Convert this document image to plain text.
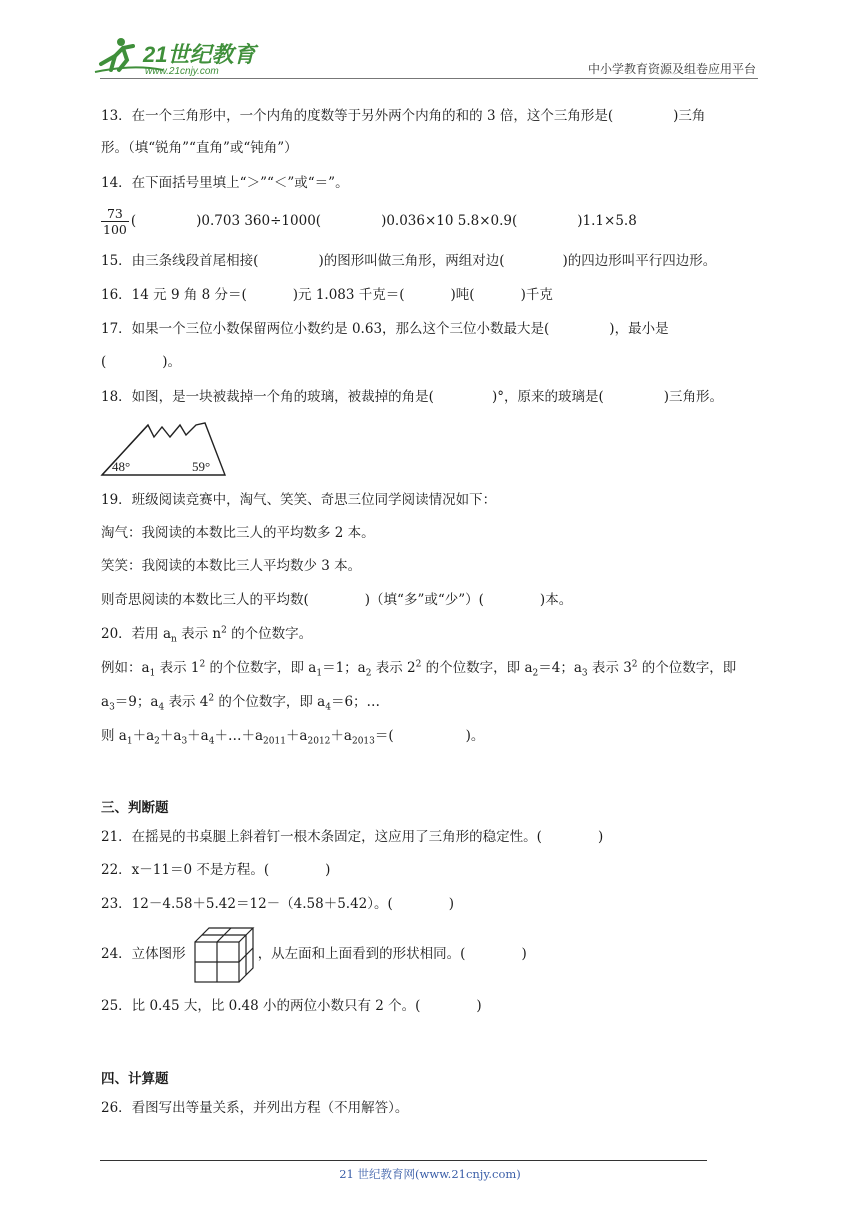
21世纪教育
www.21cnjy.com	中小学教育资源及组卷应用平台
13．在一个三角形中，一个内角的度数等于另外两个内角的和的 3 倍，这个三角形是(	)三角
形。（填“锐角”“直角”或“钝角”）
14．在下面括号里填上“＞”“＜”或“＝”。
$\frac{73}{100}$ (	)0.703 360÷1000(	)0.036×10 5.8×0.9(	)1.1×5.8
15．由三条线段首尾相接(	)的图形叫做三角形，两组对边(	)的四边形叫平行四边形。
16．14 元 9 角 8 分＝(	)元 1.083 千克＝(	)吨(	)千克
17．如果一个三位小数保留两位小数约是 0.63，那么这个三位小数最大是(	)，最小是
(	)。
18．如图，是一块被裁掉一个角的玻璃，被裁掉的角是(	)°，原来的玻璃是(	)三角形。
48°	59°
19．班级阅读竞赛中，淘气、笑笑、奇思三位同学阅读情况如下：
淘气：我阅读的本数比三人的平均数多 2 本。
笑笑：我阅读的本数比三人平均数少 3 本。
则奇思阅读的本数比三人的平均数(	)（填“多”或“少”）(	)本。
20．若用 $a_n$ 表示 $n^2$ 的个位数字。
例如：$a_1$ 表示 $1^2$ 的个位数字，即 $a_1=1$；$a_2$ 表示 $2^2$ 的个位数字，即 $a_2=4$；$a_3$ 表示 $3^2$ 的个位数字，即
$a_3=9$；$a_4$ 表示 $4^2$ 的个位数字，即 $a_4=6$；…
则 $a_1+a_2+a_3+a_4+\dots+a_{2011}+a_{2012}+a_{2013}=$(	)。
三、判断题
21．在摇晃的书桌腿上斜着钉一根木条固定，这应用了三角形的稳定性。(	)
22．x－11＝0 不是方程。(	)
23．12－4.58＋5.42＝12－（4.58＋5.42）。(	)
24．立体图形	，从左面和上面看到的形状相同。(	)
25．比 0.45 大，比 0.48 小的两位小数只有 2 个。(	)
四、计算题
26．看图写出等量关系，并列出方程（不用解答）。
21 世纪教育网(www.21cnjy.com)
